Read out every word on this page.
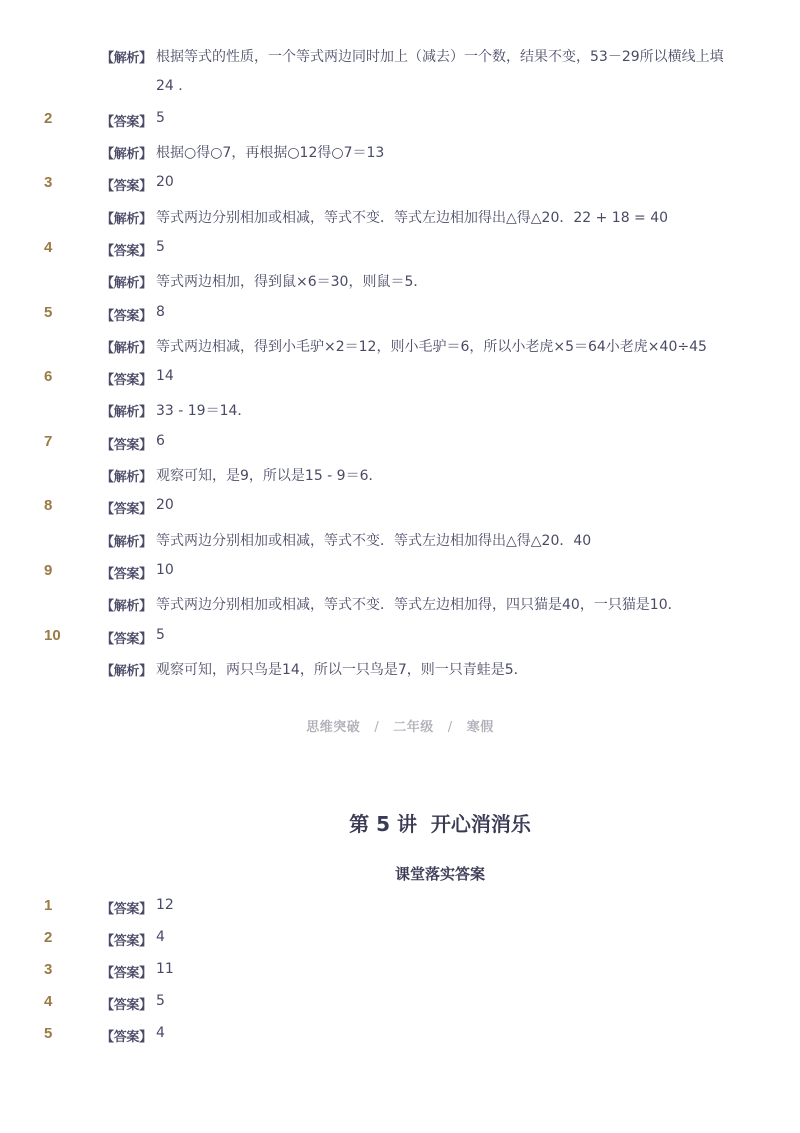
【解析】 根据等式的性质，一个等式两边同时加上（减去）一个数，结果不变，53－29所以横线上填
24 .
2	【答案】 5
【解析】 根据○得○7，再根据○12得○7＝13
3	【答案】 20
【解析】 等式两边分别相加或相减，等式不变．等式左边相加得出△得△20．22 + 18 = 40
4	【答案】 5
【解析】 等式两边相加，得到鼠×6＝30，则鼠＝5．
5	【答案】 8
【解析】 等式两边相减，得到小毛驴×2＝12，则小毛驴＝6，所以小老虎×5＝64小老虎×40÷45
6	【答案】 14
【解析】 33 - 19＝14．
7	【答案】 6
【解析】 观察可知，是9，所以是15 - 9＝6．
8	【答案】 20
【解析】 等式两边分别相加或相减，等式不变．等式左边相加得出△得△20．40
9	【答案】 10
【解析】 等式两边分别相加或相减，等式不变．等式左边相加得，四只猫是40，一只猫是10．
10	【答案】 5
【解析】 观察可知，两只鸟是14，所以一只鸟是7，则一只青蛙是5．
思维突破 / 二年级 / 寒假
第 5 讲  开心消消乐
课堂落实答案
1	【答案】 12
2	【答案】 4
3	【答案】 11
4	【答案】 5
5	【答案】 4
